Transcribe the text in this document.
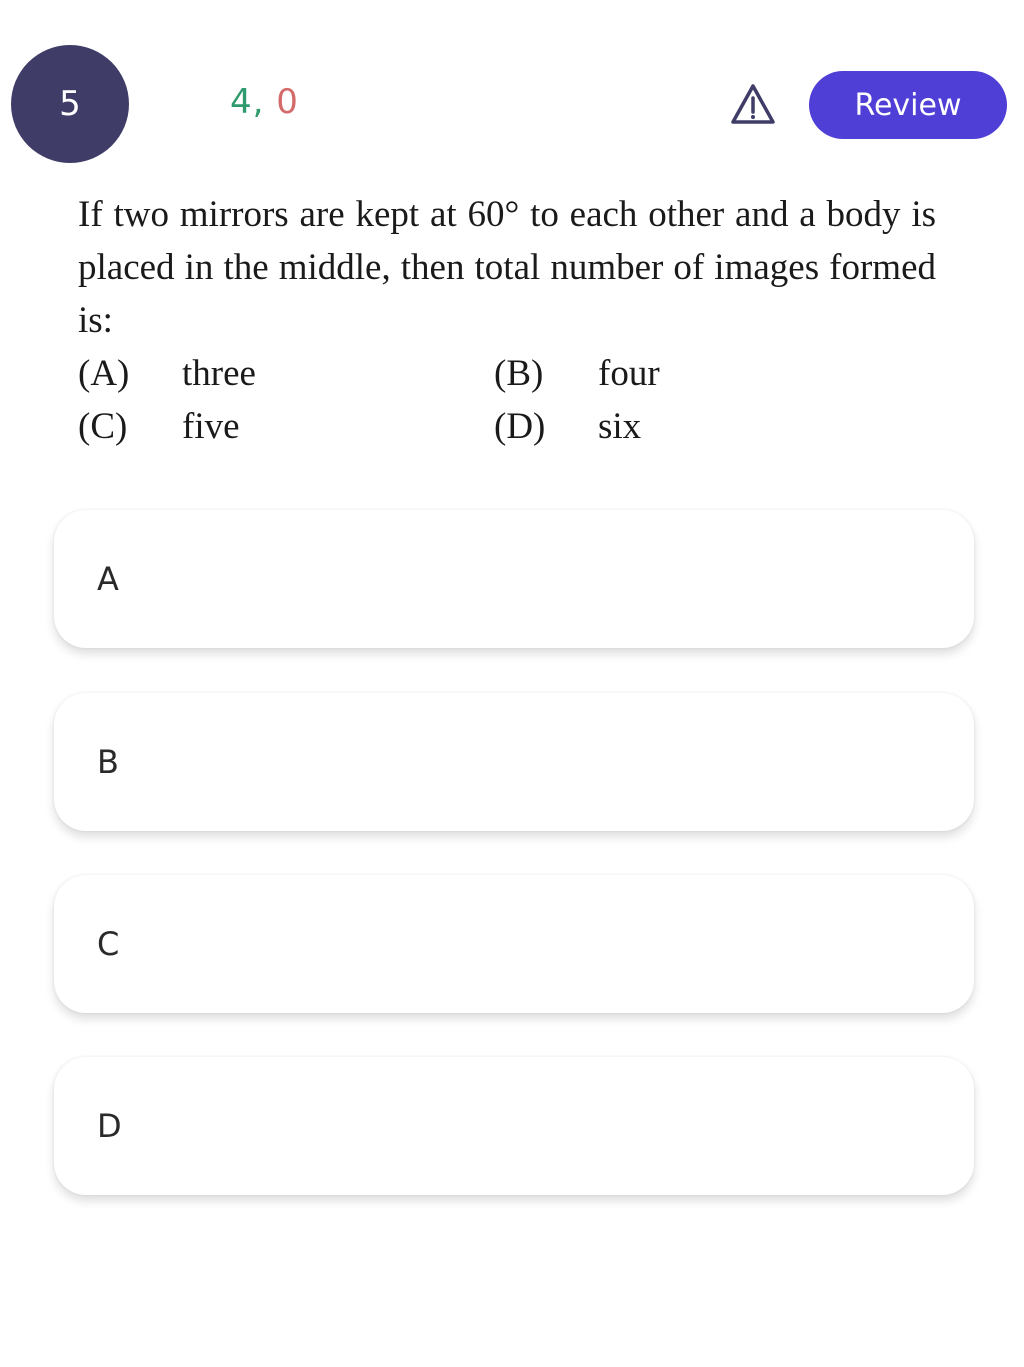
5	4, 0	Review
If two mirrors are kept at 60° to each other and a body is placed in the middle, then total number of images formed is:
(A) three	(B) four
(C) five	(D) six
A
B
C
D
